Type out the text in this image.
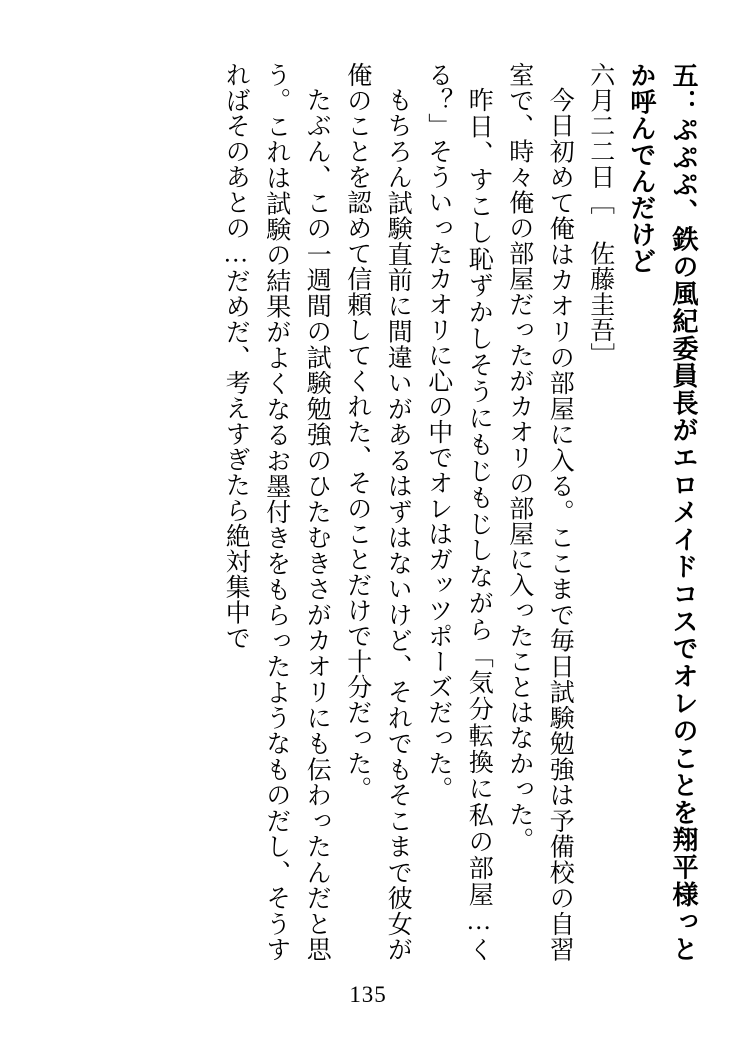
五：ぷぷぷ、鉄の風紀委員長がエロメイドコスでオレのことを翔平様っとか呼んでんだけど
六月二二日［　佐藤圭吾］
今日初めて俺はカオリの部屋に入る。ここまで毎日試験勉強は予備校の自習室で、時々俺の部屋だったがカオリの部屋に入ったことはなかった。
昨日、すこし恥ずかしそうにもじもじしながら「気分転換に私の部屋…くる？」そういったカオリに心の中でオレはガッツポーズだった。
もちろん試験直前に間違いがあるはずはないけど、それでもそこまで彼女が俺のことを認めて信頼してくれた、そのことだけで十分だった。
たぶん、この一週間の試験勉強のひたむきさがカオリにも伝わったんだと思う。これは試験の結果がよくなるお墨付きをもらったようなものだし、そうすればそのあとの…だめだ、考えすぎたら絶対集中で
135
